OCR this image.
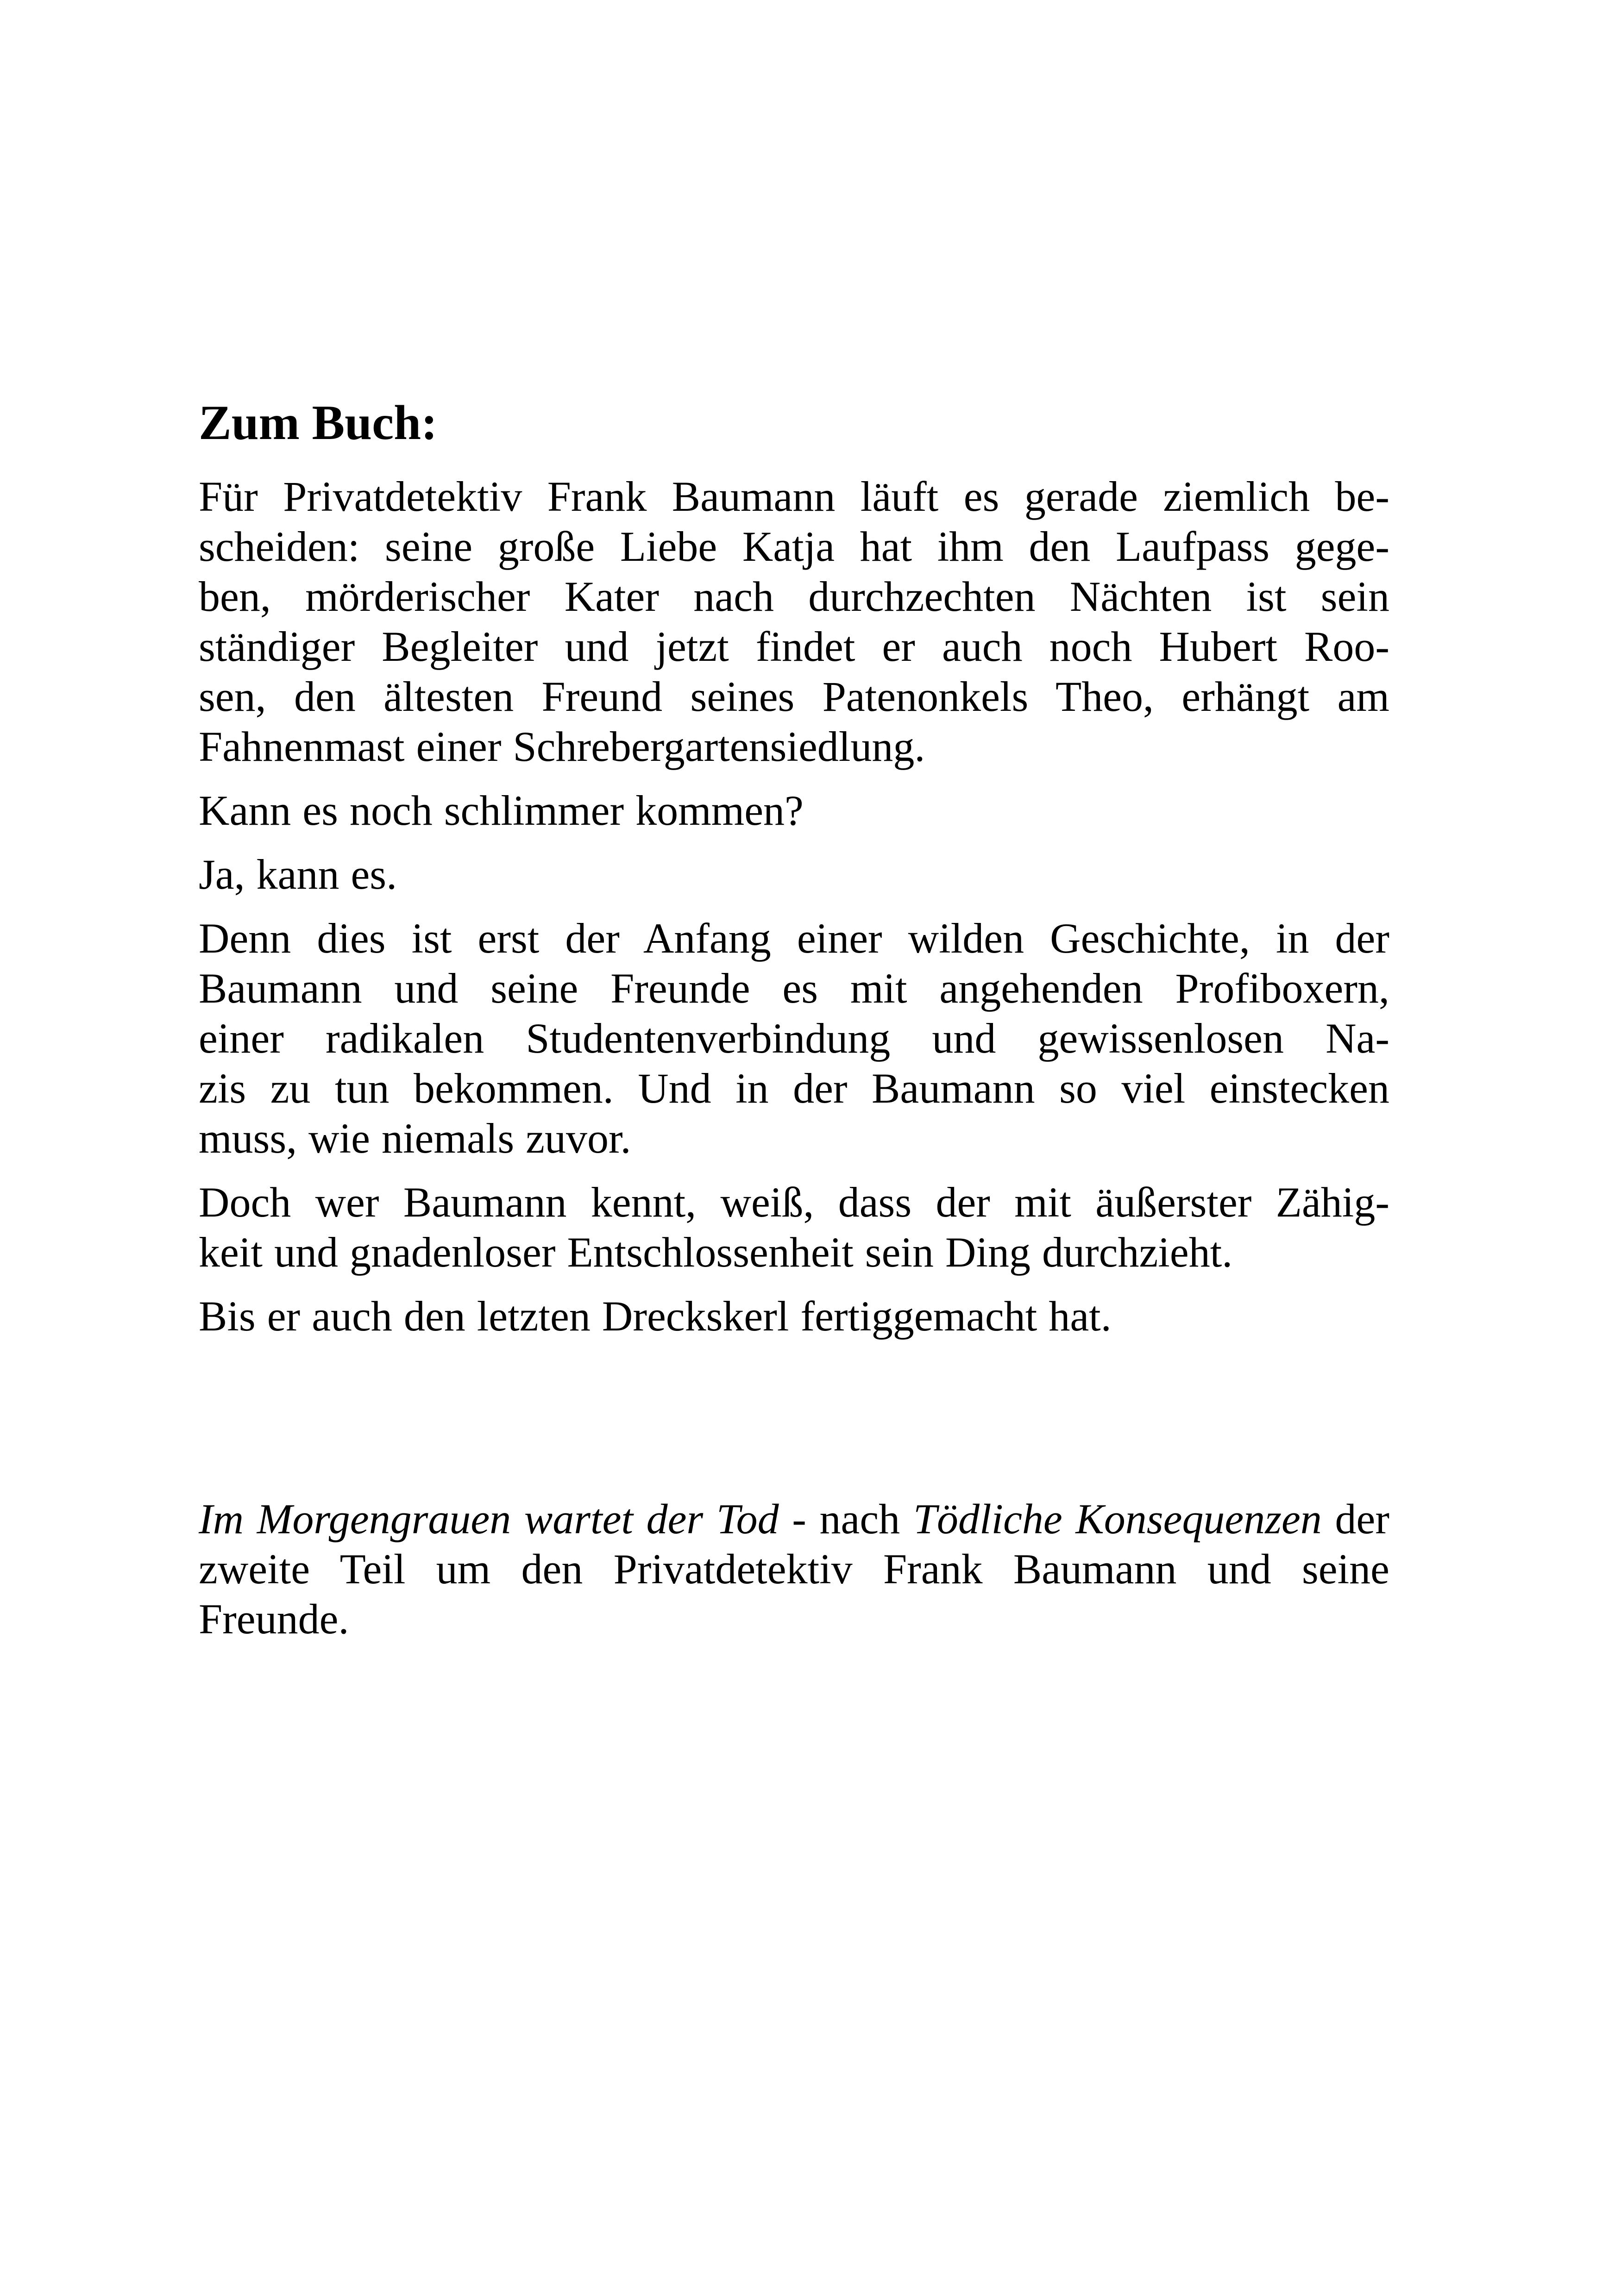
Zum Buch:

Für Privatdetektiv Frank Baumann läuft es gerade ziemlich be-
scheiden: seine große Liebe Katja hat ihm den Laufpass gege-
ben, mörderischer Kater nach durchzechten Nächten ist sein
ständiger Begleiter und jetzt findet er auch noch Hubert Roo-
sen, den ältesten Freund seines Patenonkels Theo, erhängt am
Fahnenmast einer Schrebergartensiedlung.

Kann es noch schlimmer kommen?

Ja, kann es.

Denn dies ist erst der Anfang einer wilden Geschichte, in der
Baumann und seine Freunde es mit angehenden Profiboxern,
einer radikalen Studentenverbindung und gewissenlosen Na-
zis zu tun bekommen. Und in der Baumann so viel einstecken
muss, wie niemals zuvor.

Doch wer Baumann kennt, weiß, dass der mit äußerster Zähig-
keit und gnadenloser Entschlossenheit sein Ding durchzieht.

Bis er auch den letzten Dreckskerl fertiggemacht hat.

Im Morgengrauen wartet der Tod - nach Tödliche Konsequenzen der
zweite Teil um den Privatdetektiv Frank Baumann und seine
Freunde.
